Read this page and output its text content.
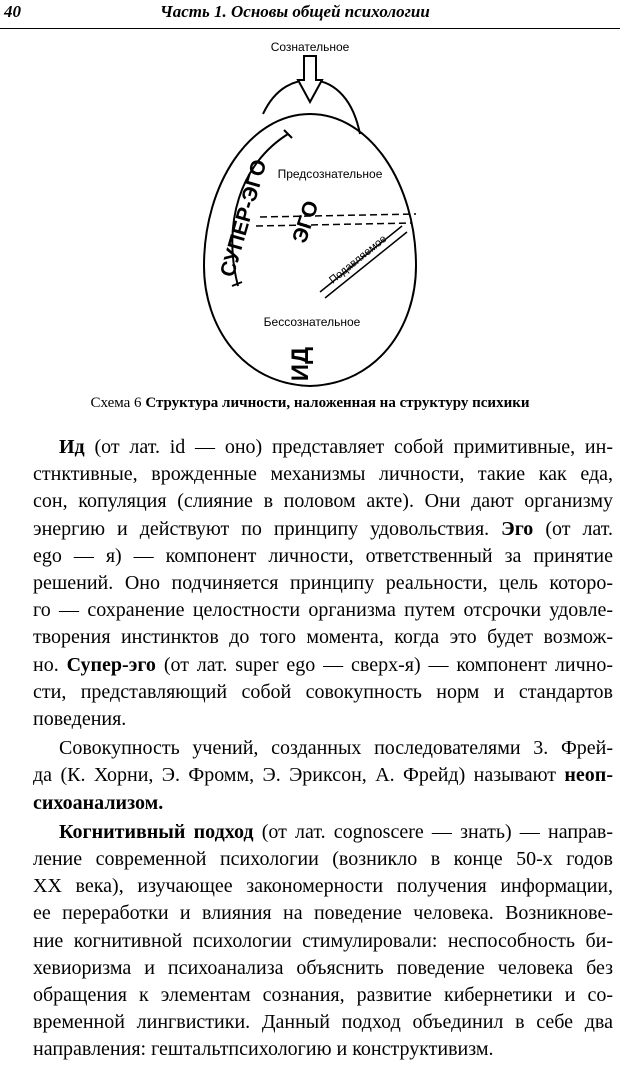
40	Часть 1. Основы общей психологии
Сознательное
Предсознательное
Подавляемое
Бессознательное
СУПЕР-ЭГО ЭГО
ИД
Схема 6 Структура личности, наложенная на структуру психики

Ид (от лат. id — оно) представляет собой примитивные, ин-
стнктивные, врожденные механизмы личности, такие как еда,
сон, копуляция (слияние в половом акте). Они дают организму
энергию и действуют по принципу удовольствия. Эго (от лат.
ego — я) — компонент личности, ответственный за принятие
решений. Оно подчиняется принципу реальности, цель которо-
го — сохранение целостности организма путем отсрочки удовле-
творения инстинктов до того момента, когда это будет возмож-
но. Супер-эго (от лат. super ego — сверх-я) — компонент лично-
сти, представляющий собой совокупность норм и стандартов
поведения.

Совокупность учений, созданных последователями 3. Фрей-
да (К. Хорни, Э. Фромм, Э. Эриксон, А. Фрейд) называют неоп-
сихоанализом.

Когнитивный подход (от лат. cognoscere — знать) — направ-
ление современной психологии (возникло в конце 50-х годов
XX века), изучающее закономерности получения информации,
ее переработки и влияния на поведение человека. Возникнове-
ние когнитивной психологии стимулировали: неспособность би-
хевиоризма и психоанализа объяснить поведение человека без
обращения к элементам сознания, развитие кибернетики и со-
временной лингвистики. Данный подход объединил в себе два
направления: гештальтпсихологию и конструктивизм.
